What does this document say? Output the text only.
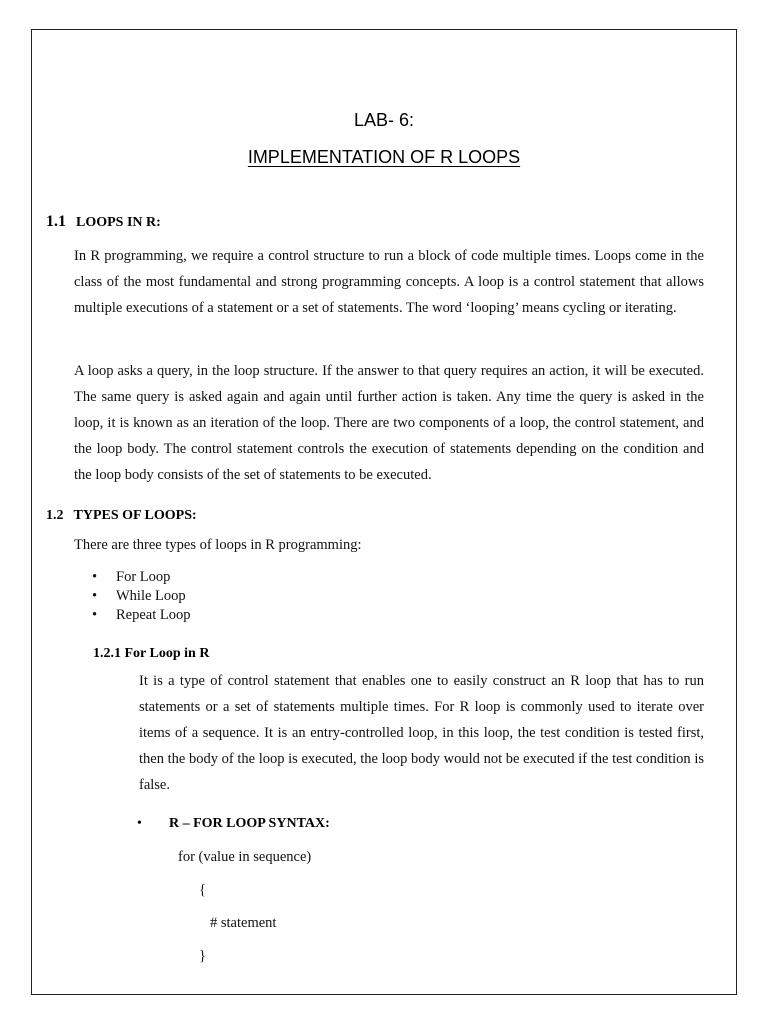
LAB- 6:
IMPLEMENTATION OF R LOOPS
1.1 LOOPS IN R:
In R programming, we require a control structure to run a block of code multiple times. Loops come in the class of the most fundamental and strong programming concepts. A loop is a control statement that allows multiple executions of a statement or a set of statements. The word ‘looping’ means cycling or iterating.
A loop asks a query, in the loop structure. If the answer to that query requires an action, it will be executed. The same query is asked again and again until further action is taken. Any time the query is asked in the loop, it is known as an iteration of the loop. There are two components of a loop, the control statement, and the loop body. The control statement controls the execution of statements depending on the condition and the loop body consists of the set of statements to be executed.
1.2 TYPES OF LOOPS:
There are three types of loops in R programming:
• For Loop
• While Loop
• Repeat Loop
1.2.1 For Loop in R
It is a type of control statement that enables one to easily construct an R loop that has to run statements or a set of statements multiple times. For R loop is commonly used to iterate over items of a sequence. It is an entry-controlled loop, in this loop, the test condition is tested first, then the body of the loop is executed, the loop body would not be executed if the test condition is false.
• R – FOR LOOP SYNTAX:
for (value in sequence)
{
# statement
}
